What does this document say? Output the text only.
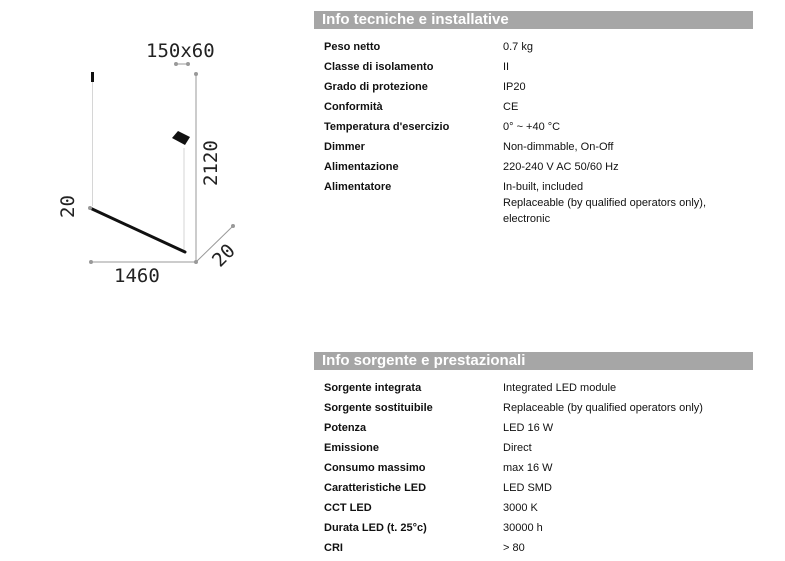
150x60
2120
20
1460
20
Info tecniche e installative
Peso netto	0.7 kg
Classe di isolamento	II
Grado di protezione	IP20
Conformità	CE
Temperatura d'esercizio	0° ~ +40 °C
Dimmer	Non-dimmable, On-Off
Alimentazione	220-240 V AC 50/60 Hz
Alimentatore	In-built, included
Replaceable (by qualified operators only),
electronic
Info sorgente e prestazionali
Sorgente integrata	Integrated LED module
Sorgente sostituibile	Replaceable (by qualified operators only)
Potenza	LED 16 W
Emissione	Direct
Consumo massimo	max 16 W
Caratteristiche LED	LED SMD
CCT LED	3000 K
Durata LED (t. 25°c)	30000 h
CRI	> 80
